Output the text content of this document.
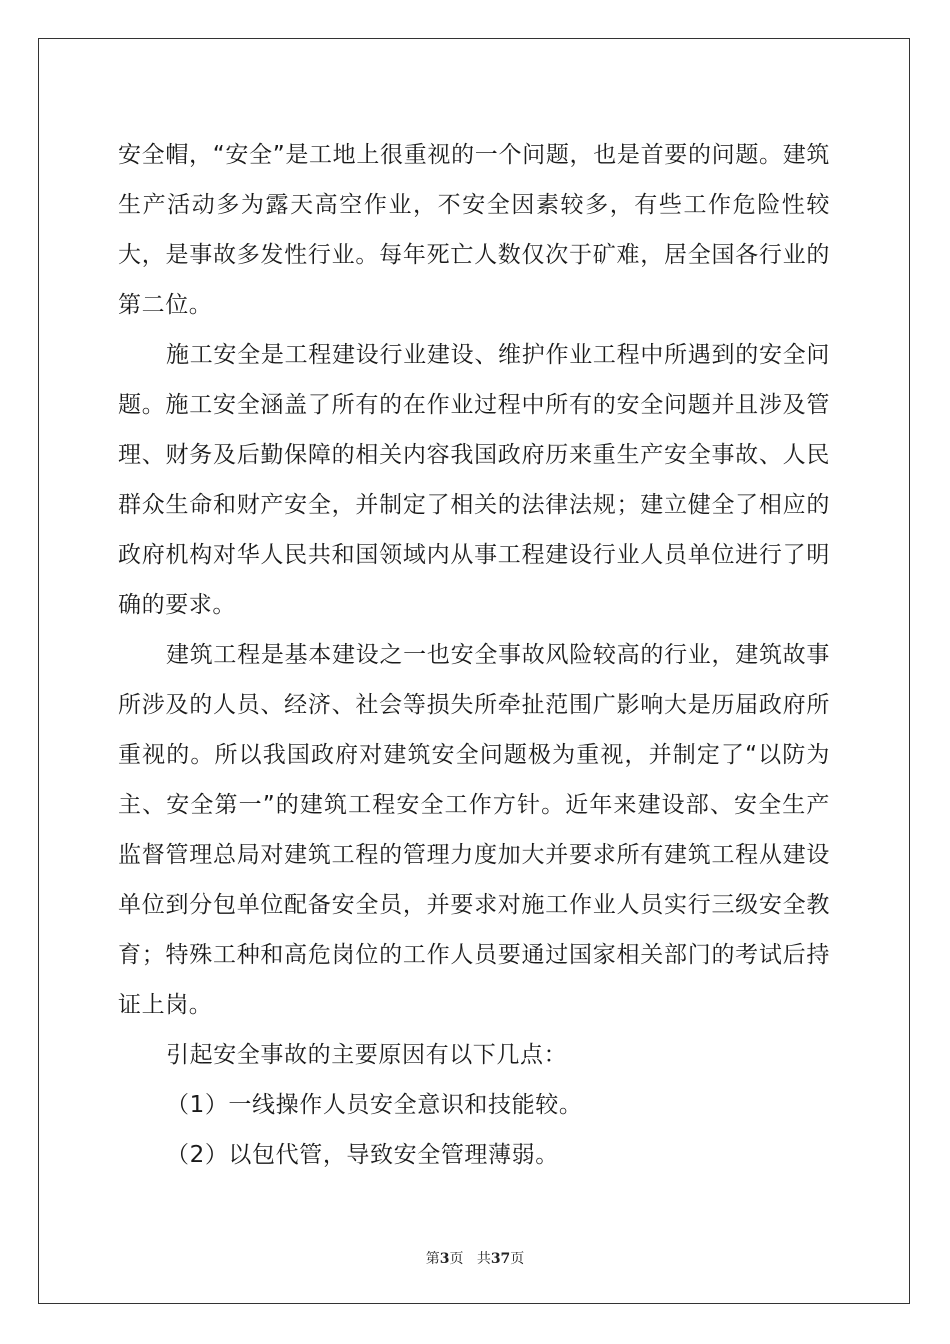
安全帽，“安全”是工地上很重视的一个问题，也是首要的问题。建筑生产活动多为露天高空作业，不安全因素较多，有些工作危险性较大，是事故多发性行业。每年死亡人数仅次于矿难，居全国各行业的第二位。

施工安全是工程建设行业建设、维护作业工程中所遇到的安全问题。施工安全涵盖了所有的在作业过程中所有的安全问题并且涉及管理、财务及后勤保障的相关内容我国政府历来重生产安全事故、人民群众生命和财产安全，并制定了相关的法律法规；建立健全了相应的政府机构对华人民共和国领域内从事工程建设行业人员单位进行了明确的要求。

建筑工程是基本建设之一也安全事故风险较高的行业，建筑故事所涉及的人员、经济、社会等损失所牵扯范围广影响大是历届政府所重视的。所以我国政府对建筑安全问题极为重视，并制定了“以防为主、安全第一”的建筑工程安全工作方针。近年来建设部、安全生产监督管理总局对建筑工程的管理力度加大并要求所有建筑工程从建设单位到分包单位配备安全员，并要求对施工作业人员实行三级安全教育；特殊工种和高危岗位的工作人员要通过国家相关部门的考试后持证上岗。

引起安全事故的主要原因有以下几点：

（1）一线操作人员安全意识和技能较。

（2）以包代管，导致安全管理薄弱。

第3页 共37页
